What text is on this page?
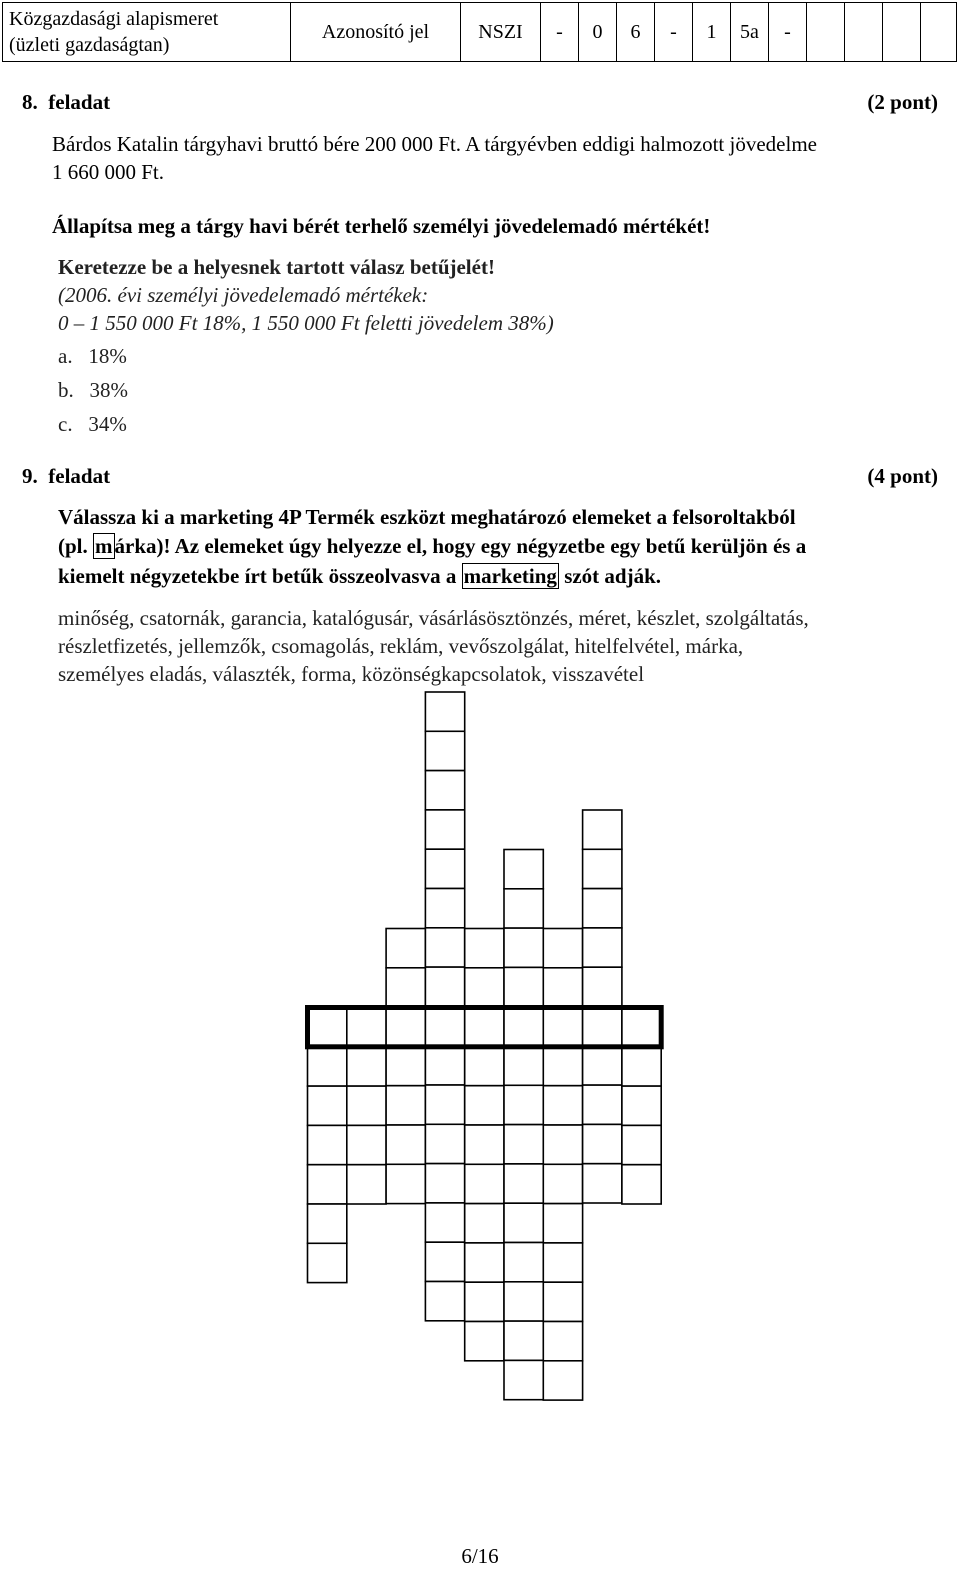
Közgazdasági alapismeret
(üzleti gazdaságtan)
Azonosító jel	NSZI	-	0	6	-	1	5a	-
8. feladat	(2 pont)
Bárdos Katalin tárgyhavi bruttó bére 200 000 Ft. A tárgyévben eddigi halmozott jövedelme
1 660 000 Ft.
Állapítsa meg a tárgy havi bérét terhelő személyi jövedelemadó mértékét!
Keretezze be a helyesnek tartott válasz betűjelét!
(2006. évi személyi jövedelemadó mértékek:
0 – 1 550 000 Ft 18%, 1 550 000 Ft feletti jövedelem 38%)
a. 18%
b. 38%
c. 34%
9. feladat	(4 pont)
Válassza ki a marketing 4P Termék eszközt meghatározó elemeket a felsoroltakból
(pl. márka)! Az elemeket úgy helyezze el, hogy egy négyzetbe egy betű kerüljön és a
kiemelt négyzetekbe írt betűk összeolvasva a marketing szót adják.
minőség, csatornák, garancia, katalógusár, vásárlásösztönzés, méret, készlet, szolgáltatás,
részletfizetés, jellemzők, csomagolás, reklám, vevőszolgálat, hitelfelvétel, márka,
személyes eladás, választék, forma, közönségkapcsolatok, visszavétel
6/16
